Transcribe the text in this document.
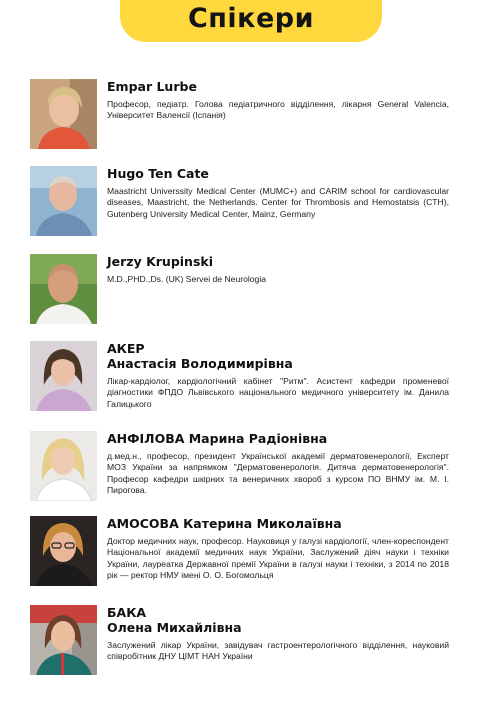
Спікери

Empar Lurbe

Професор, педіатр. Голова педіатричного відділення, лікарня General Valencia, Університет Валенсії (Іспанія)

Hugo Ten Cate

Maastricht Universsity Medical Center (MUMC+) and CARIM school for cardiovascular diseases, Maastricht, the Netherlands. Center for Thrombosis and Hemostatsis (CTH), Gutenberg University Medical Center, Mainz, Germany

Jerzy Krupinski

M.D.,PHD.,Ds. (UK) Servei de Neurologia

АКЕР

Анастасія Володимирівна

Лікар-кардіолог, кардіологічний кабінет "Ритм". Асистент кафедри променевої діагностики ФПДО Львівського національного медичного університету ім. Данила Галицького

АНФІЛОВА Марина Радіонівна

д.мед.н., професор, президент Української академії дерматовенерології, Експерт МОЗ України за напрямком "Дерматовенерологія. Дитяча дерматовенерологія". Професор кафедри шкірних та венеричних хвороб з курсом ПО ВНМУ ім. М. І. Пирогова.

АМОСОВА Катерина Миколаївна

Доктор медичних наук, професор. Науковиця у галузі кардіології, член-кореспондент Національної академії медичних наук України, Заслужений діяч науки і техніки України, лауреатка Державної премії України в галузі науки і техніки, з 2014 по 2018 рік — ректор НМУ імені О. О. Богомольця

БАКА

Олена Михайлівна

Заслужений лікар України, завідувач гастроентерологічного відділення, науковий співробітник ДНУ ЦІМТ НАН України
